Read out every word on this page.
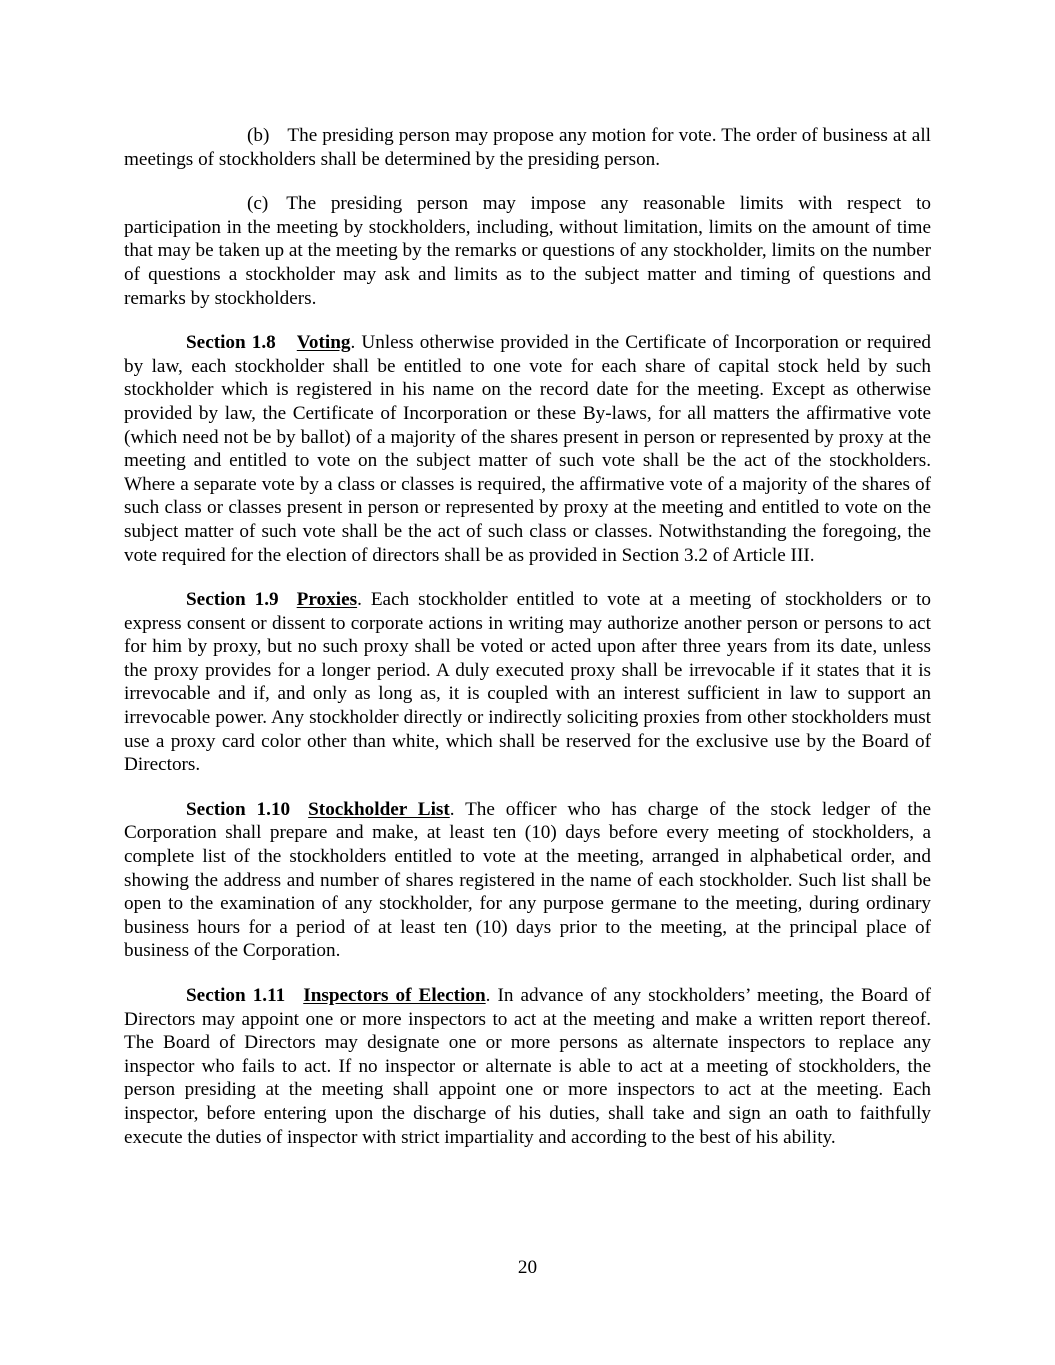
(b) The presiding person may propose any motion for vote. The order of business at all meetings of stockholders shall be determined by the presiding person.

(c) The presiding person may impose any reasonable limits with respect to participation in the meeting by stockholders, including, without limitation, limits on the amount of time that may be taken up at the meeting by the remarks or questions of any stockholder, limits on the number of questions a stockholder may ask and limits as to the subject matter and timing of questions and remarks by stockholders.

Section 1.8 Voting. Unless otherwise provided in the Certificate of Incorporation or required by law, each stockholder shall be entitled to one vote for each share of capital stock held by such stockholder which is registered in his name on the record date for the meeting. Except as otherwise provided by law, the Certificate of Incorporation or these By-laws, for all matters the affirmative vote (which need not be by ballot) of a majority of the shares present in person or represented by proxy at the meeting and entitled to vote on the subject matter of such vote shall be the act of the stockholders. Where a separate vote by a class or classes is required, the affirmative vote of a majority of the shares of such class or classes present in person or represented by proxy at the meeting and entitled to vote on the subject matter of such vote shall be the act of such class or classes. Notwithstanding the foregoing, the vote required for the election of directors shall be as provided in Section 3.2 of Article III.

Section 1.9 Proxies. Each stockholder entitled to vote at a meeting of stockholders or to express consent or dissent to corporate actions in writing may authorize another person or persons to act for him by proxy, but no such proxy shall be voted or acted upon after three years from its date, unless the proxy provides for a longer period. A duly executed proxy shall be irrevocable if it states that it is irrevocable and if, and only as long as, it is coupled with an interest sufficient in law to support an irrevocable power. Any stockholder directly or indirectly soliciting proxies from other stockholders must use a proxy card color other than white, which shall be reserved for the exclusive use by the Board of Directors.

Section 1.10 Stockholder List. The officer who has charge of the stock ledger of the Corporation shall prepare and make, at least ten (10) days before every meeting of stockholders, a complete list of the stockholders entitled to vote at the meeting, arranged in alphabetical order, and showing the address and number of shares registered in the name of each stockholder. Such list shall be open to the examination of any stockholder, for any purpose germane to the meeting, during ordinary business hours for a period of at least ten (10) days prior to the meeting, at the principal place of business of the Corporation.

Section 1.11 Inspectors of Election. In advance of any stockholders’ meeting, the Board of Directors may appoint one or more inspectors to act at the meeting and make a written report thereof. The Board of Directors may designate one or more persons as alternate inspectors to replace any inspector who fails to act. If no inspector or alternate is able to act at a meeting of stockholders, the person presiding at the meeting shall appoint one or more inspectors to act at the meeting. Each inspector, before entering upon the discharge of his duties, shall take and sign an oath to faithfully execute the duties of inspector with strict impartiality and according to the best of his ability.

20
